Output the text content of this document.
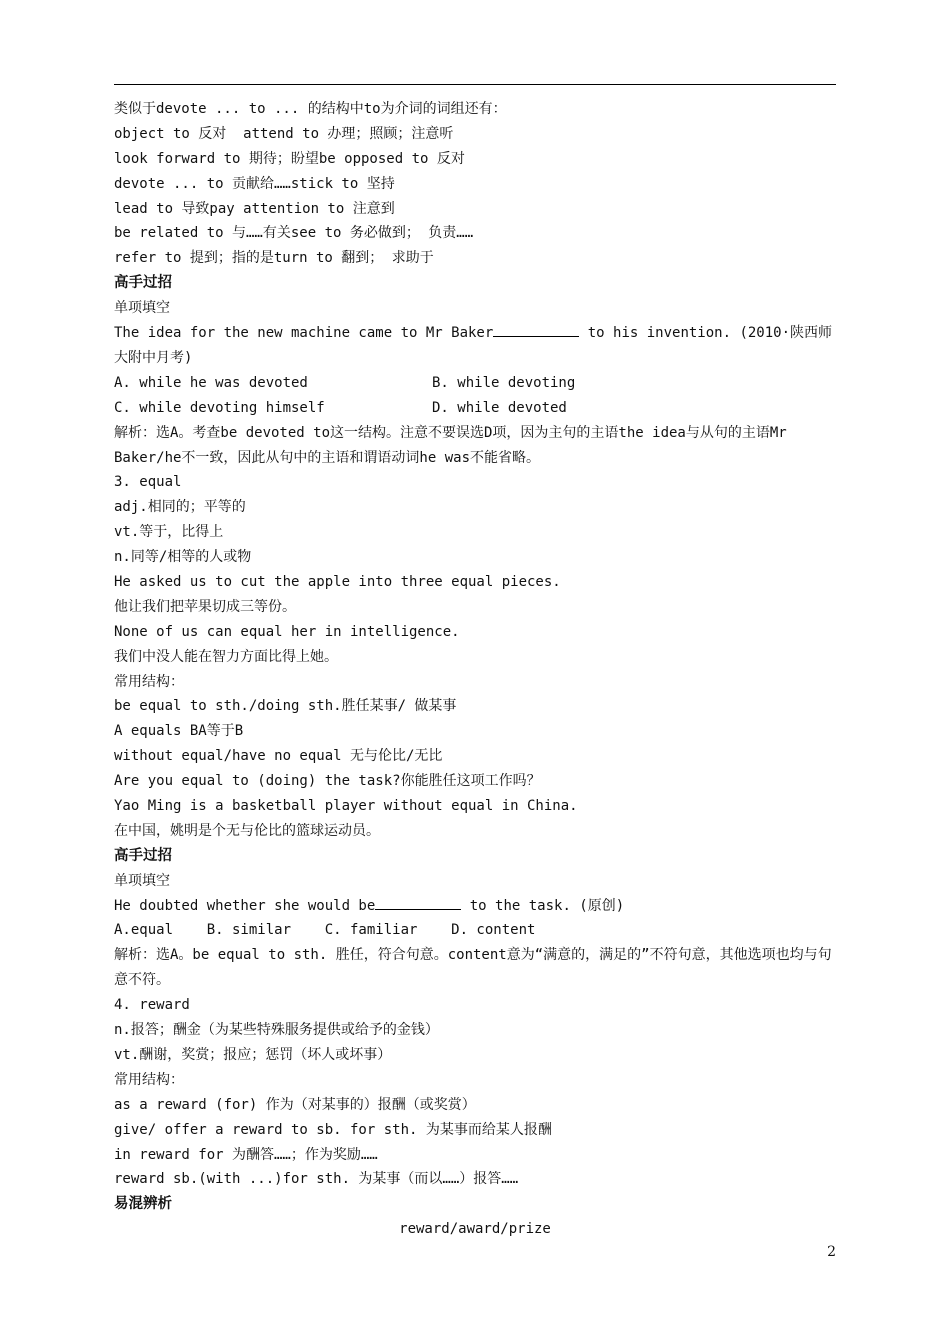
类似于devote ... to ... 的结构中to为介词的词组还有：
object to 反对  attend to 办理；照顾；注意听
look forward to 期待；盼望be opposed to 反对
devote ... to 贡献给……stick to 坚持
lead to 导致pay attention to 注意到
be related to 与……有关see to 务必做到； 负责……
refer to 提到；指的是turn to 翻到； 求助于
高手过招
单项填空
The idea for the new machine came to Mr Baker	to his invention. (2010·陕西师大附中月考)
A. while he was devoted	B. while devoting
C. while devoting himself	D. while devoted
解析：选A。考查be devoted to这一结构。注意不要误选D项，因为主句的主语the idea与从句的主语Mr Baker/he不一致，因此从句中的主语和谓语动词he was不能省略。
3. equal
adj.相同的；平等的
vt.等于，比得上
n.同等/相等的人或物
He asked us to cut the apple into three equal pieces.
他让我们把苹果切成三等份。
None of us can equal her in intelligence.
我们中没人能在智力方面比得上她。
常用结构：
be equal to sth./doing sth.胜任某事/ 做某事
A equals BA等于B
without equal/have no equal 无与伦比/无比
Are you equal to (doing) the task?你能胜任这项工作吗？
Yao Ming is a basketball player without equal in China.
在中国，姚明是个无与伦比的篮球运动员。
高手过招
单项填空
He doubted whether she would be	to the task. (原创)
A.equal    B. similar    C. familiar    D. content
解析：选A。be equal to sth. 胜任，符合句意。content意为“满意的，满足的”不符句意，其他选项也均与句意不符。
4. reward
n.报答；酬金（为某些特殊服务提供或给予的金钱）
vt.酬谢，奖赏；报应；惩罚（坏人或坏事）
常用结构：
as a reward (for) 作为（对某事的）报酬（或奖赏）
give/ offer a reward to sb. for sth. 为某事而给某人报酬
in reward for 为酬答……；作为奖励……
reward sb.(with ...)for sth. 为某事（而以……）报答……
易混辨析
reward/award/prize
2
